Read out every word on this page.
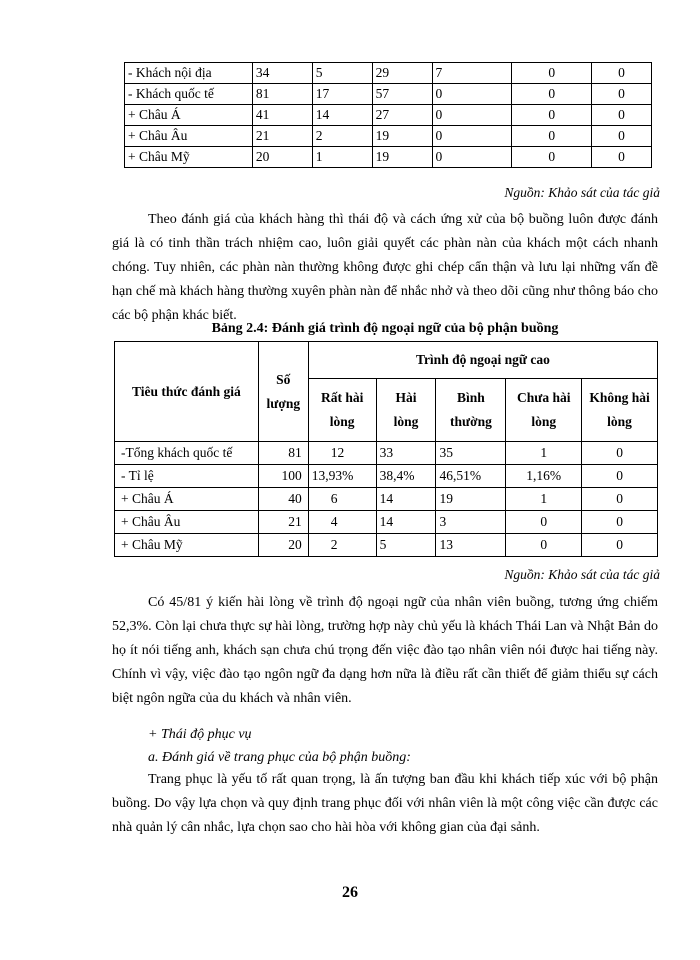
- Khách nội địa	34	5	29	7	0	0
- Khách quốc tế	81	17	57	0	0	0
+ Châu Á	41	14	27	0	0	0
+ Châu Âu	21	2	19	0	0	0
+ Châu Mỹ	20	1	19	0	0	0
Nguồn: Khảo sát của tác giả
Theo đánh giá của khách hàng thì thái độ và cách ứng xử của bộ buồng luôn được đánh giá là có tinh thần trách nhiệm cao, luôn giải quyết các phàn nàn của khách một cách nhanh chóng. Tuy nhiên, các phàn nàn thường không được ghi chép cẩn thận và lưu lại những vấn đề hạn chế mà khách hàng thường xuyên phàn nàn để nhắc nhở và theo dõi cũng như thông báo cho các bộ phận khác biết.
Bảng 2.4: Đánh giá trình độ ngoại ngữ của bộ phận buồng
Tiêu thức đánh giá	Số lượng	Trình độ ngoại ngữ cao				
		Rất hài lòng	Hài lòng	Bình thường	Chưa hài lòng	Không hài lòng
-Tổng khách quốc tế	81	12	33	35	1	0
- Tỉ lệ	100	13,93%	38,4%	46,51%	1,16%	0
+ Châu Á	40	6	14	19	1	0
+ Châu Âu	21	4	14	3	0	0
+ Châu Mỹ	20	2	5	13	0	0
Nguồn: Khảo sát của tác giả
Có 45/81 ý kiến hài lòng về trình độ ngoại ngữ của nhân viên buồng, tương ứng chiếm 52,3%. Còn lại chưa thực sự hài lòng, trường hợp này chủ yếu là khách Thái Lan và Nhật Bản do họ ít nói tiếng anh, khách sạn chưa chú trọng đến việc đào tạo nhân viên nói được hai tiếng này. Chính vì vậy, việc đào tạo ngôn ngữ đa dạng hơn nữa là điều rất cần thiết để giảm thiểu sự cách biệt ngôn ngữa của du khách và nhân viên.
+ Thái độ phục vụ
a. Đánh giá về trang phục của bộ phận buồng:
Trang phục là yếu tố rất quan trọng, là ấn tượng ban đầu khi khách tiếp xúc với bộ phận buồng. Do vậy lựa chọn và quy định trang phục đối với nhân viên là một công việc cần được các nhà quản lý cân nhắc, lựa chọn sao cho hài hòa với không gian của đại sảnh.
26
